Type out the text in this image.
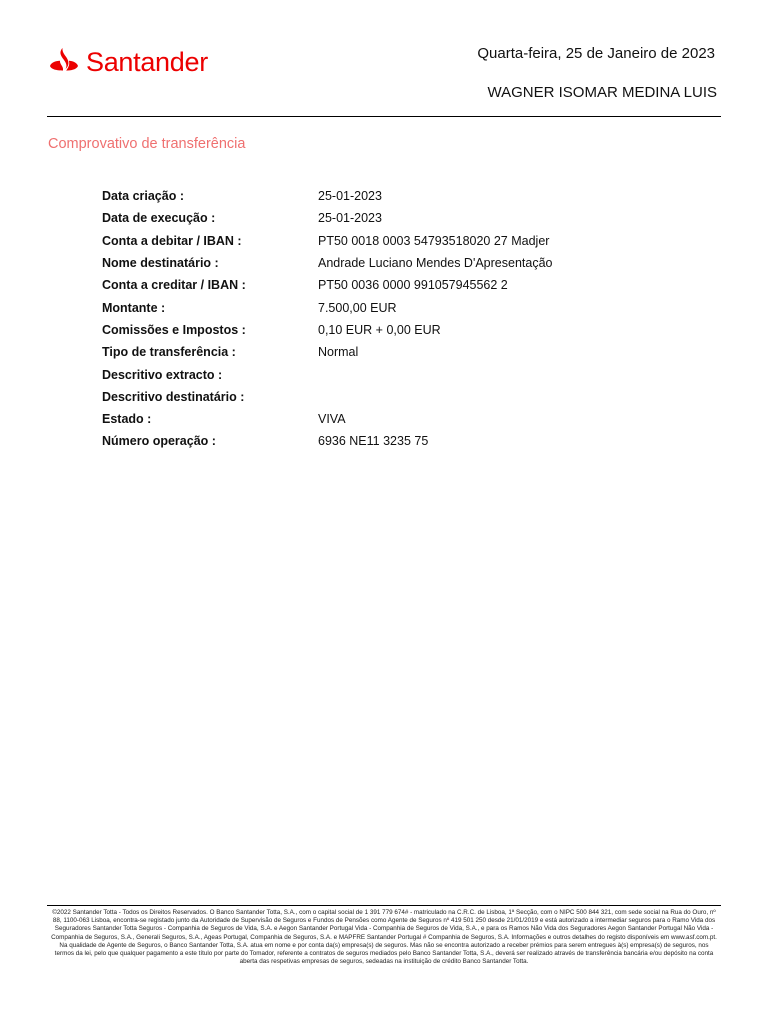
Santander	Quarta-feira, 25 de Janeiro de 2023
WAGNER ISOMAR MEDINA LUIS
Comprovativo de transferência
Data criação :	25-01-2023
Data de execução :	25-01-2023
Conta a debitar / IBAN :	PT50 0018 0003 54793518020 27 Madjer
Nome destinatário :	Andrade Luciano Mendes D'Apresentação
Conta a creditar / IBAN :	PT50 0036 0000 991057945562 2
Montante :	7.500,00 EUR
Comissões e Impostos :	0,10 EUR + 0,00 EUR
Tipo de transferência :	Normal
Descritivo extracto :
Descritivo destinatário :
Estado :	VIVA
Número operação :	6936 NE11 3235 75
©2022 Santander Totta - Todos os Direitos Reservados. O Banco Santander Totta, S.A., com o capital social de 1 391 779 674# - matriculado na C.R.C. de Lisboa, 1ª Secção, com o NIPC 500 844 321, com sede social na Rua do Ouro, nº 88, 1100-063 Lisboa, encontra-se registado junto da Autoridade de Supervisão de Seguros e Fundos de Pensões como Agente de Seguros nº 419 501 250 desde 21/01/2019 e está autorizado a intermediar seguros para o Ramo Vida dos Seguradores Santander Totta Seguros - Companhia de Seguros de Vida, S.A. e Aegon Santander Portugal Vida - Companhia de Seguros de Vida, S.A., e para os Ramos Não Vida dos Seguradores Aegon Santander Portugal Não Vida - Companhia de Seguros, S.A., Generali Seguros, S.A., Ageas Portugal, Companhia de Seguros, S.A. e MAPFRE Santander Portugal # Companhia de Seguros, S.A. Informações e outros detalhes do registo disponíveis em www.asf.com.pt. Na qualidade de Agente de Seguros, o Banco Santander Totta, S.A. atua em nome e por conta da(s) empresa(s) de seguros. Mas não se encontra autorizado a receber prémios para serem entregues à(s) empresa(s) de seguros, nos termos da lei, pelo que qualquer pagamento a este título por parte do Tomador, referente a contratos de seguros mediados pelo Banco Santander Totta, S.A., deverá ser realizado através de transferência bancária e/ou depósito na conta aberta das respetivas empresas de seguros, sedeadas na instituição de crédito Banco Santander Totta.
